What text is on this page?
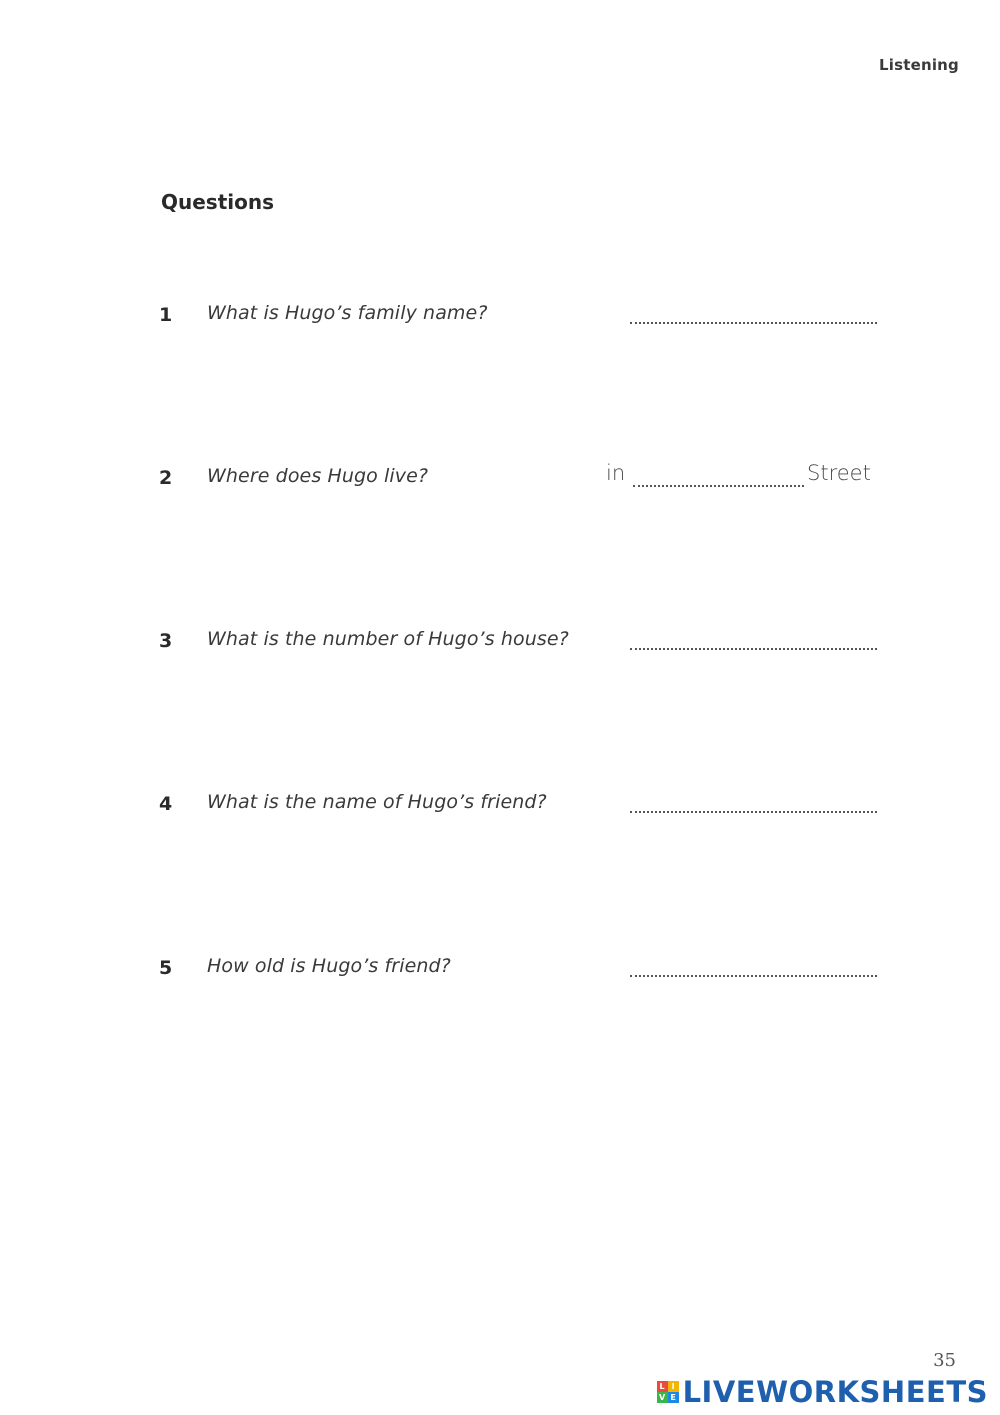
Listening
Questions
1 What is Hugo’s family name?
2 Where does Hugo live?	in	Street
3 What is the number of Hugo’s house?
4 What is the name of Hugo’s friend?
5 How old is Hugo’s friend?
35
L I
V E LIVEWORKSHEETS
